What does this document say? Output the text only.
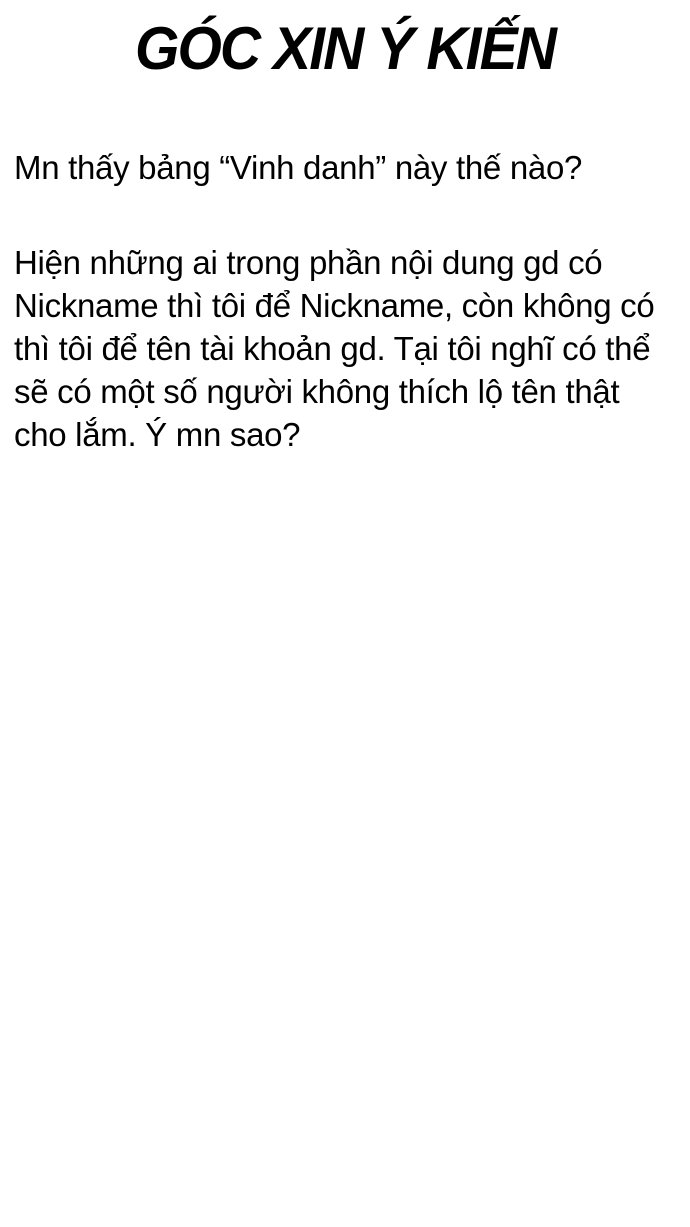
GÓC XIN Ý KIẾN

Mn thấy bảng “Vinh danh” này thế nào?

Hiện những ai trong phần nội dung gd có Nickname thì tôi để Nickname, còn không có thì tôi để tên tài khoản gd. Tại tôi nghĩ có thể sẽ có một số người không thích lộ tên thật cho lắm. Ý mn sao?
